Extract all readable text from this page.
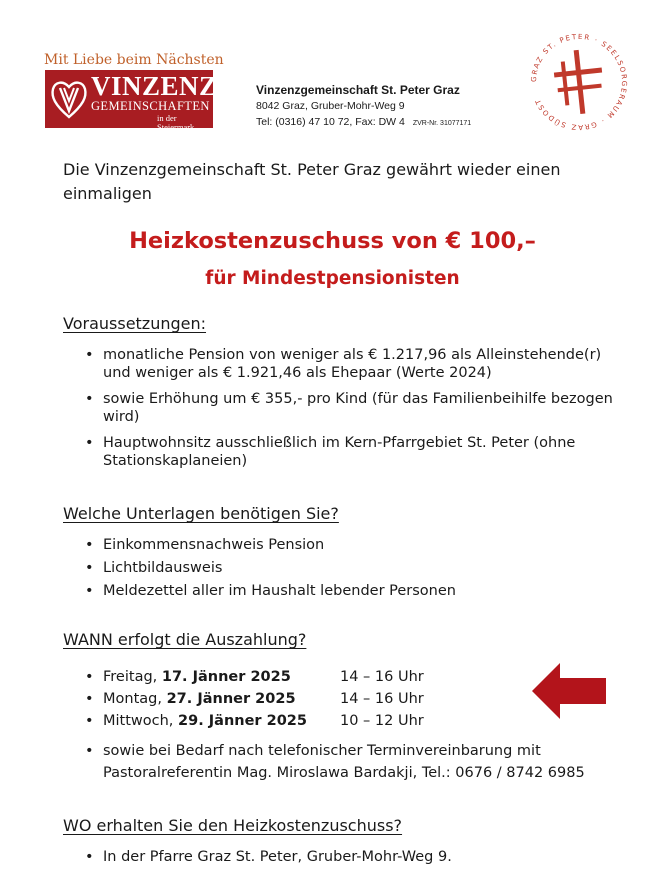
Mit Liebe beim Nächsten
VINZENZ
GEMEINSCHAFTEN
in der Steiermark
Vinzenzgemeinschaft St. Peter Graz
8042 Graz, Gruber-Mohr-Weg 9
Tel: (0316) 47 10 72, Fax: DW 4 ZVR-Nr. 31077171
GRAZ ST. PETER · SEELSORGERAUM · GRAZ SÜDOST
Die Vinzenzgemeinschaft St. Peter Graz gewährt wieder einen einmaligen
Heizkostenzuschuss von € 100,–
für Mindestpensionisten
Voraussetzungen:
• monatliche Pension von weniger als € 1.217,96 als Alleinstehende(r) und weniger als € 1.921,46 als Ehepaar (Werte 2024)
• sowie Erhöhung um € 355,- pro Kind (für das Familienbeihilfe bezogen wird)
• Hauptwohnsitz ausschließlich im Kern-Pfarrgebiet St. Peter (ohne Stationskaplaneien)
Welche Unterlagen benötigen Sie?
• Einkommensnachweis Pension
• Lichtbildausweis
• Meldezettel aller im Haushalt lebender Personen
WANN erfolgt die Auszahlung?
• Freitag, 17. Jänner 2025	14 – 16 Uhr
• Montag, 27. Jänner 2025	14 – 16 Uhr
• Mittwoch, 29. Jänner 2025 10 – 12 Uhr
• sowie bei Bedarf nach telefonischer Terminvereinbarung mit Pastoralreferentin Mag. Miroslawa Bardakji, Tel.: 0676 / 8742 6985
WO erhalten Sie den Heizkostenzuschuss?
• In der Pfarre Graz St. Peter, Gruber-Mohr-Weg 9.
